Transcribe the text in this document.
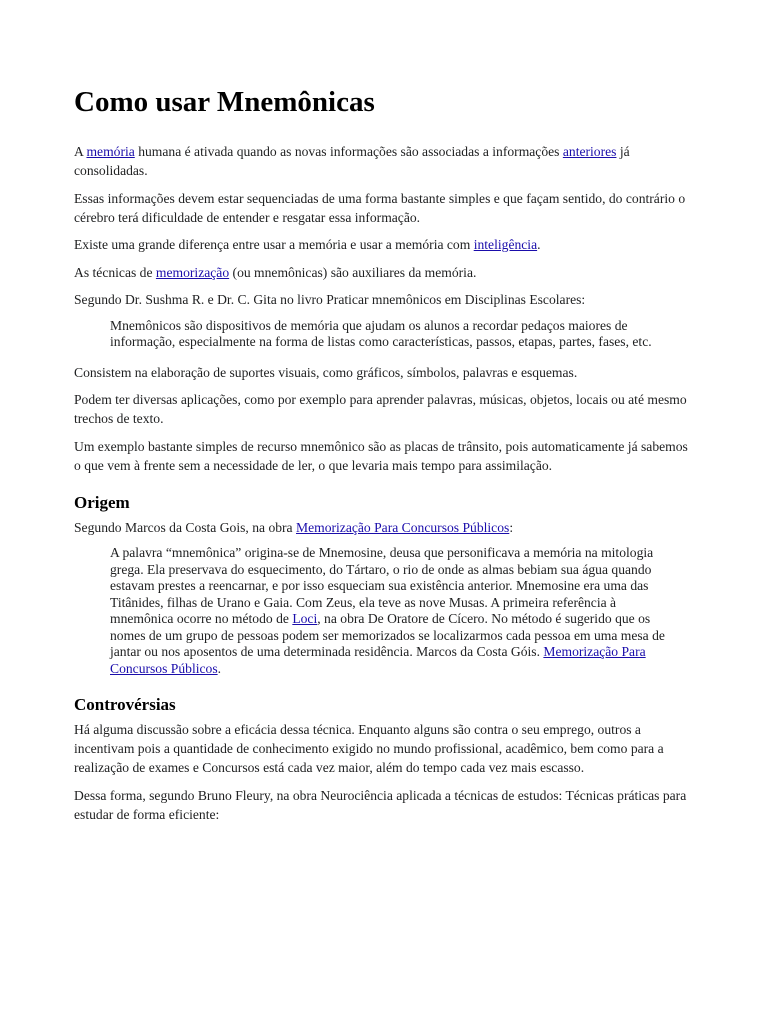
Como usar Mnemônicas

A memória humana é ativada quando as novas informações são associadas a informações anteriores já consolidadas.

Essas informações devem estar sequenciadas de uma forma bastante simples e que façam sentido, do contrário o cérebro terá dificuldade de entender e resgatar essa informação.

Existe uma grande diferença entre usar a memória e usar a memória com inteligência.

As técnicas de memorização (ou mnemônicas) são auxiliares da memória.

Segundo Dr. Sushma R. e Dr. C. Gita no livro Praticar mnemônicos em Disciplinas Escolares:

Mnemônicos são dispositivos de memória que ajudam os alunos a recordar pedaços maiores de informação, especialmente na forma de listas como características, passos, etapas, partes, fases, etc.

Consistem na elaboração de suportes visuais, como gráficos, símbolos, palavras e esquemas.

Podem ter diversas aplicações, como por exemplo para aprender palavras, músicas, objetos, locais ou até mesmo trechos de texto.

Um exemplo bastante simples de recurso mnemônico são as placas de trânsito, pois automaticamente já sabemos o que vem à frente sem a necessidade de ler, o que levaria mais tempo para assimilação.

Origem

Segundo Marcos da Costa Gois, na obra Memorização Para Concursos Públicos:

A palavra “mnemônica” origina-se de Mnemosine, deusa que personificava a memória na mitologia grega. Ela preservava do esquecimento, do Tártaro, o rio de onde as almas bebiam sua água quando estavam prestes a reencarnar, e por isso esqueciam sua existência anterior. Mnemosine era uma das Titânides, filhas de Urano e Gaia. Com Zeus, ela teve as nove Musas. A primeira referência à mnemônica ocorre no método de Loci, na obra De Oratore de Cícero. No método é sugerido que os nomes de um grupo de pessoas podem ser memorizados se localizarmos cada pessoa em uma mesa de jantar ou nos aposentos de uma determinada residência. Marcos da Costa Góis. Memorização Para Concursos Públicos.

Controvérsias

Há alguma discussão sobre a eficácia dessa técnica. Enquanto alguns são contra o seu emprego, outros a incentivam pois a quantidade de conhecimento exigido no mundo profissional, acadêmico, bem como para a realização de exames e Concursos está cada vez maior, além do tempo cada vez mais escasso.

Dessa forma, segundo Bruno Fleury, na obra Neurociência aplicada a técnicas de estudos: Técnicas práticas para estudar de forma eficiente:
